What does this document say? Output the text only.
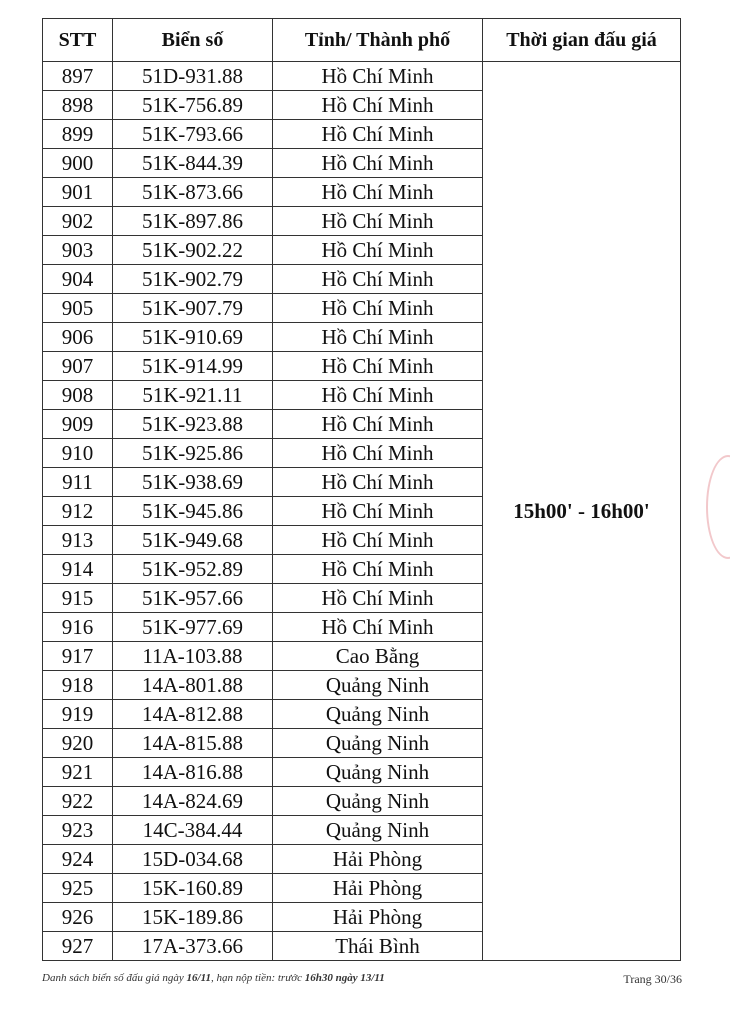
STT	Biển số	Tỉnh/ Thành phố	Thời gian đấu giá
897	51D-931.88	Hồ Chí Minh	15h00' - 16h00'
898	51K-756.89	Hồ Chí Minh	
899	51K-793.66	Hồ Chí Minh	
900	51K-844.39	Hồ Chí Minh	
901	51K-873.66	Hồ Chí Minh	
902	51K-897.86	Hồ Chí Minh	
903	51K-902.22	Hồ Chí Minh	
904	51K-902.79	Hồ Chí Minh	
905	51K-907.79	Hồ Chí Minh	
906	51K-910.69	Hồ Chí Minh	
907	51K-914.99	Hồ Chí Minh	
908	51K-921.11	Hồ Chí Minh	
909	51K-923.88	Hồ Chí Minh	
910	51K-925.86	Hồ Chí Minh	
911	51K-938.69	Hồ Chí Minh	
912	51K-945.86	Hồ Chí Minh	
913	51K-949.68	Hồ Chí Minh	
914	51K-952.89	Hồ Chí Minh	
915	51K-957.66	Hồ Chí Minh	
916	51K-977.69	Hồ Chí Minh	
917	11A-103.88	Cao Bằng	
918	14A-801.88	Quảng Ninh	
919	14A-812.88	Quảng Ninh	
920	14A-815.88	Quảng Ninh	
921	14A-816.88	Quảng Ninh	
922	14A-824.69	Quảng Ninh	
923	14C-384.44	Quảng Ninh	
924	15D-034.68	Hải Phòng	
925	15K-160.89	Hải Phòng	
926	15K-189.86	Hải Phòng	
927	17A-373.66	Thái Bình	
Danh sách biển số đấu giá ngày 16/11, hạn nộp tiền: trước 16h30 ngày 13/11	Trang 30/36
